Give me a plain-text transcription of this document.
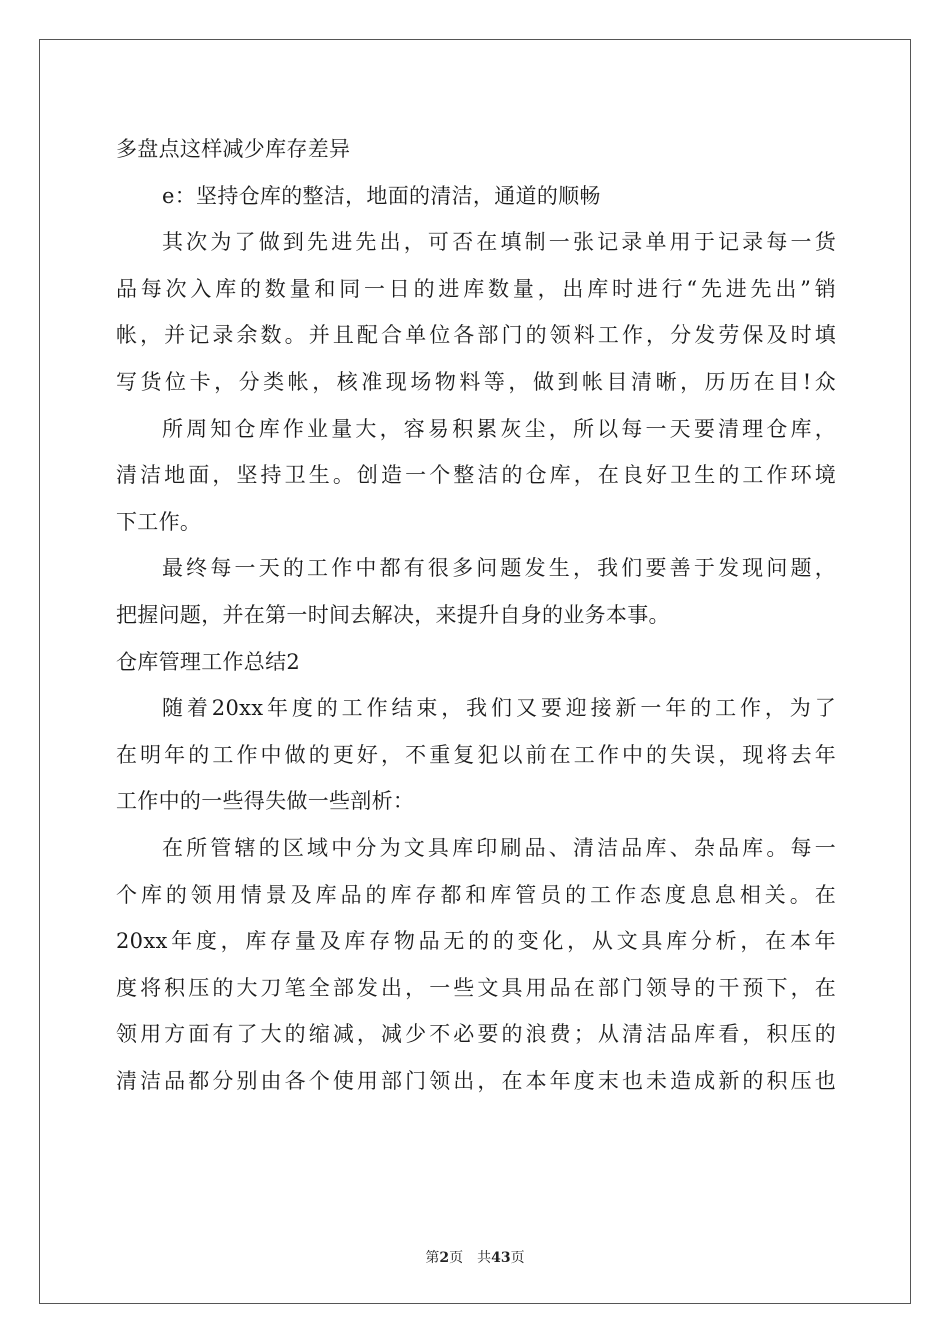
多盘点这样减少库存差异
e：坚持仓库的整洁，地面的清洁，通道的顺畅
其次为了做到先进先出，可否在填制一张记录单用于记录每一货
品每次入库的数量和同一日的进库数量，出库时进行“先进先出”销
帐，并记录余数。并且配合单位各部门的领料工作，分发劳保及时填
写货位卡，分类帐，核准现场物料等，做到帐目清晰，历历在目!众
所周知仓库作业量大，容易积累灰尘，所以每一天要清理仓库，
清洁地面，坚持卫生。创造一个整洁的仓库，在良好卫生的工作环境
下工作。
最终每一天的工作中都有很多问题发生，我们要善于发现问题，
把握问题，并在第一时间去解决，来提升自身的业务本事。
仓库管理工作总结2
随着20xx年度的工作结束，我们又要迎接新一年的工作，为了
在明年的工作中做的更好，不重复犯以前在工作中的失误，现将去年
工作中的一些得失做一些剖析：
在所管辖的区域中分为文具库印刷品、清洁品库、杂品库。每一
个库的领用情景及库品的库存都和库管员的工作态度息息相关。在
20xx年度，库存量及库存物品无的的变化，从文具库分析，在本年
度将积压的大刀笔全部发出，一些文具用品在部门领导的干预下，在
领用方面有了大的缩减，减少不必要的浪费；从清洁品库看，积压的
清洁品都分别由各个使用部门领出，在本年度末也未造成新的积压也
第2页 共43页
